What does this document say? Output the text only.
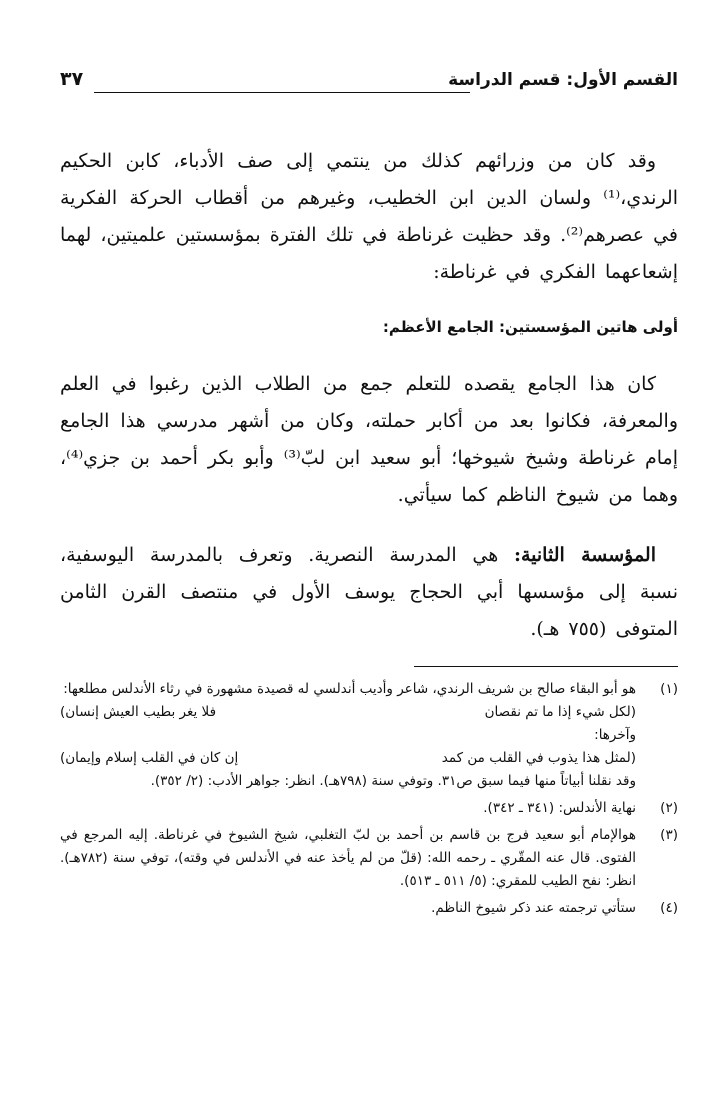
القسم الأول: قسم الدراسة
٣٧

وقد كان من وزرائهم كذلك من ينتمي إلى صف الأدباء، كابن الحكيم الرندي،⁽¹⁾ ولسان الدين ابن الخطيب، وغيرهم من أقطاب الحركة الفكرية في عصرهم⁽²⁾. وقد حظيت غرناطة في تلك الفترة بمؤسستين علميتين، لهما إشعاعهما الفكري في غرناطة:

أولى هاتين المؤسستين: الجامع الأعظم:

كان هذا الجامع يقصده للتعلم جمع من الطلاب الذين رغبوا في العلم والمعرفة، فكانوا بعد من أكابر حملته، وكان من أشهر مدرسي هذا الجامع إمام غرناطة وشيخ شيوخها؛ أبو سعيد ابن لبّ⁽³⁾ وأبو بكر أحمد بن جزي⁽⁴⁾، وهما من شيوخ الناظم كما سيأتي.

المؤسسة الثانية: هي المدرسة النصرية. وتعرف بالمدرسة اليوسفية، نسبة إلى مؤسسها أبي الحجاج يوسف الأول في منتصف القرن الثامن المتوفى (٧٥٥ هـ).

(١)
هو أبو البقاء صالح بن شريف الرندي، شاعر وأديب أندلسي له قصيدة مشهورة في رثاء الأندلس مطلعها:
(لكل شيء إذا ما تم نقصان
فلا يغر بطيب العيش إنسان)
وآخرها:
(لمثل هذا يذوب في القلب من كمد
إن كان في القلب إسلام وإيمان)
وقد نقلنا أبياتاً منها فيما سبق ص٣١. وتوفي سنة (٧٩٨هـ). انظر: جواهر الأدب: (٢/ ٣٥٢).
(٢)
نهاية الأندلس: (٣٤١ ـ ٣٤٢).
(٣)
هوالإمام أبو سعيد فرج بن قاسم بن أحمد بن لبّ التغلبي، شيخ الشيوخ في غرناطة. إليه المرجع في الفتوى. قال عنه المقّري ـ رحمه الله: (قلّ من لم يأخذ عنه في الأندلس في وقته)، توفي سنة (٧٨٢هـ). انظر: نفح الطيب للمقري: (٥/ ٥١١ ـ ٥١٣).
(٤)
ستأتي ترجمته عند ذكر شيوخ الناظم.
